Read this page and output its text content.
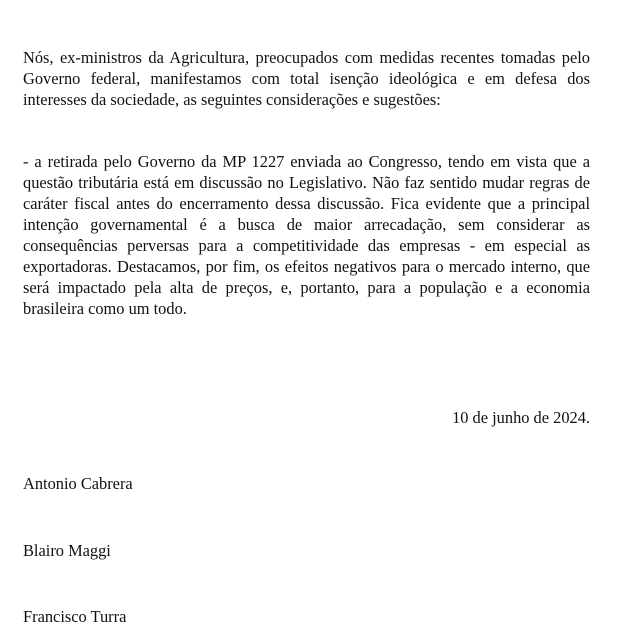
Nós, ex-ministros da Agricultura, preocupados com medidas recentes tomadas pelo Governo federal, manifestamos com total isenção ideológica e em defesa dos interesses da sociedade, as seguintes considerações e sugestões:

- a retirada pelo Governo da MP 1227 enviada ao Congresso, tendo em vista que a questão tributária está em discussão no Legislativo. Não faz sentido mudar regras de caráter fiscal antes do encerramento dessa discussão. Fica evidente que a principal intenção governamental é a busca de maior arrecadação, sem considerar as consequências perversas para a competitividade das empresas - em especial as exportadoras. Destacamos, por fim, os efeitos negativos para o mercado interno, que será impactado pela alta de preços, e, portanto, para a população e a economia brasileira como um todo.

10 de junho de 2024.

Antonio Cabrera

Blairo Maggi

Francisco Turra
